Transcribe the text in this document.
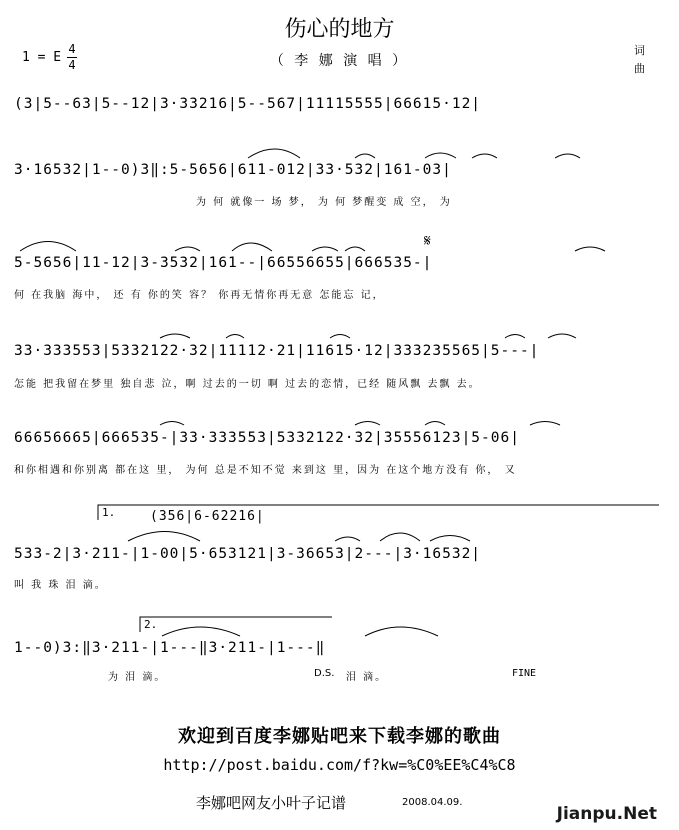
伤心的地方
（ 李 娜 演 唱 ）
1 = E
4
4
词
曲
(3|5--63|5--12|3·33216|5--567|11115555|66615·12|
3·16532|1--0)3‖:5-5656|611-012|33·532|161-03|
为 何 就像一 场 梦， 为 何 梦醒变 成 空， 为
5-5656|11-12|3-3532|161--|66556655|666535-|
何 在我脑 海中， 还 有 你的笑 容？ 你再无情你再无意 怎能忘 记，
33·333553|5332122·32|11112·21|11615·12|333235565|5---|
怎能 把我留在梦里 独自悲 泣，啊 过去的一切 啊 过去的恋情，已经 随风飘 去飘 去。
66656665|666535-|33·333553|5332122·32|35556123|5-06|
和你相遇和你别离 都在这 里， 为何 总是不知不觉 来到这 里，因为 在这个地方没有 你， 又
1.	(356|6-62216|
533-2|3·211-|1-00|5·653121|3-36653|2---|3·16532|
叫 我 珠 泪 滴。
2.
1--0)3:‖3·211-|1---‖3·211-|1---‖
为 泪 滴。	D.S. 泪 滴。	FINE
𝄋
欢迎到百度李娜贴吧来下载李娜的歌曲
http://post.baidu.com/f?kw=%C0%EE%C4%C8
李娜吧网友小叶子记谱	2008.04.09.
Jianpu.Net
